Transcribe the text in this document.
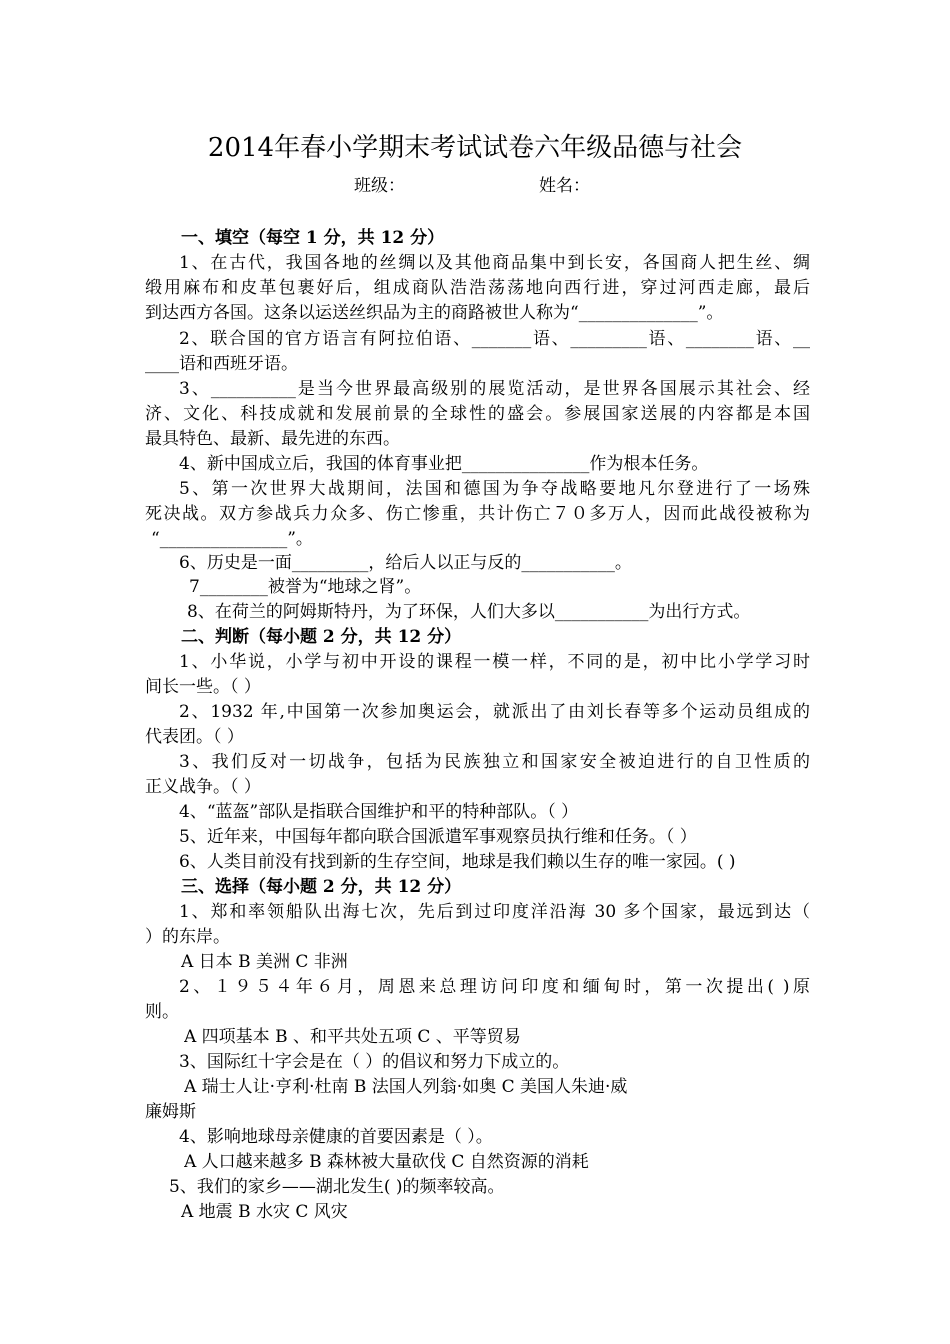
2014年春小学期末考试试卷六年级品德与社会
班级：	姓名：
一、填空（每空 1 分，共 12 分）
1、在古代，我国各地的丝绸以及其他商品集中到长安，各国商人把生丝、绸
缎用麻布和皮革包裹好后，组成商队浩浩荡荡地向西行进，穿过河西走廊，最后
到达西方各国。这条以运送丝织品为主的商路被世人称为“______________”。
2、联合国的官方语言有阿拉伯语、_______语、_________语、________语、__
____语和西班牙语。
3、__________是当今世界最高级别的展览活动，是世界各国展示其社会、经
济、文化、科技成就和发展前景的全球性的盛会。参展国家送展的内容都是本国
最具特色、最新、最先进的东西。
4、新中国成立后，我国的体育事业把_______________作为根本任务。
5、第一次世界大战期间，法国和德国为争夺战略要地凡尔登进行了一场殊
死决战。双方参战兵力众多、伤亡惨重，共计伤亡７０多万人，因而此战役被称为
“_______________”。
6、历史是一面_________，给后人以正与反的___________。
7________被誉为“地球之肾”。
8、在荷兰的阿姆斯特丹，为了环保，人们大多以___________为出行方式。
二、判断（每小题 2 分，共 12 分）
1、小华说，小学与初中开设的课程一模一样，不同的是，初中比小学学习时
间长一些。（ ）
2、1932 年,中国第一次参加奥运会，就派出了由刘长春等多个运动员组成的
代表团。（ ）
3、我们反对一切战争，包括为民族独立和国家安全被迫进行的自卫性质的
正义战争。（ ）
4、“蓝盔”部队是指联合国维护和平的特种部队。（ ）
5、近年来，中国每年都向联合国派遣军事观察员执行维和任务。（ ）
6、人类目前没有找到新的生存空间，地球是我们赖以生存的唯一家园。( )
三、选择（每小题 2 分，共 12 分）
1、郑和率领船队出海七次，先后到过印度洋沿海 30 多个国家，最远到达（
）的东岸。
A 日本 B 美洲 C 非洲
2、１９５４年６月，周恩来总理访问印度和缅甸时，第一次提出( )原
则。
A 四项基本 B 、和平共处五项 C 、平等贸易
3、国际红十字会是在（ ）的倡议和努力下成立的。
A 瑞士人让·亨利·杜南 B 法国人列翁·如奥 C 美国人朱迪·威
廉姆斯
4、影响地球母亲健康的首要因素是（ ）。
A 人口越来越多 B 森林被大量砍伐 C 自然资源的消耗
5、我们的家乡——湖北发生( )的频率较高。
A 地震 B 水灾 C 风灾
